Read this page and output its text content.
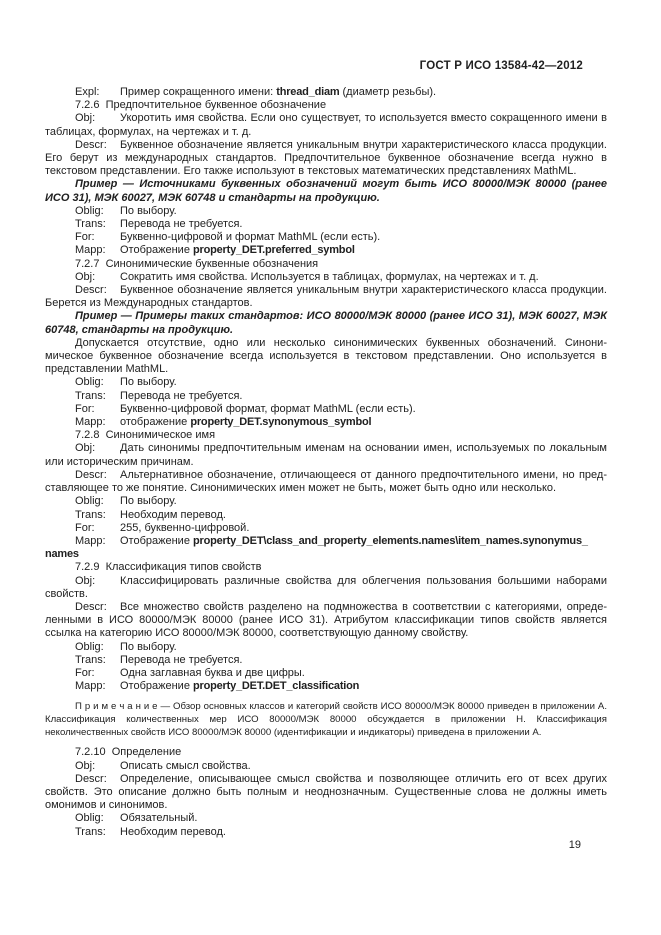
ГОСТ Р ИСО 13584-42—2012

Expl: Пример сокращенного имени: thread_diam (диаметр резьбы).

7.2.6  Предпочтительное буквенное обозначение

Obj: Укоротить имя свойства. Если оно существует, то используется вместо сокращенного имени в таблицах, формулах, на чертежах и т. д.

Descr: Буквенное обозначение является уникальным внутри характеристического класса продукции. Его берут из международных стандартов. Предпочтительное буквенное обозначение всегда нужно в текстовом представлении. Его также используют в текстовых математических представлениях MathML.

Пример — Источниками буквенных обозначений могут быть ИСО 80000/МЭК 80000 (ранее ИСО 31), МЭК 60027, МЭК 60748 и стандарты на продукцию.

Oblig: По выбору.

Trans: Перевода не требуется.

For: Буквенно-цифровой и формат MathML (если есть).

Mapp: Отображение property_DET.preferred_symbol

7.2.7  Синонимические буквенные обозначения

Obj: Сократить имя свойства. Используется в таблицах, формулах, на чертежах и т. д.

Descr: Буквенное обозначение является уникальным внутри характеристического класса продукции. Берется из Международных стандартов.

Пример — Примеры таких стандартов: ИСО 80000/МЭК 80000 (ранее ИСО 31), МЭК 60027, МЭК 60748, стандарты на продукцию.

Допускается отсутствие, одно или несколько синонимических буквенных обозначений. Синонимическое буквенное обозначение всегда используется в текстовом представлении. Оно используется в представлении MathML.

Oblig: По выбору.

Trans: Перевода не требуется.

For: Буквенно-цифровой формат, формат MathML (если есть).

Mapp: отображение property_DET.synonymous_symbol

7.2.8  Синонимическое имя

Obj: Дать синонимы предпочтительным именам на основании имен, используемых по локальным или историческим причинам.

Descr: Альтернативное обозначение, отличающееся от данного предпочтительного имени, но представляющее то же понятие. Синонимических имен может не быть, может быть одно или несколько.

Oblig: По выбору.

Trans: Необходим перевод.

For: 255, буквенно-цифровой.

Mapp: Отображение property_DET\class_and_property_elements.names\item_names.synonymus_
names

7.2.9  Классификация типов свойств

Obj: Классифицировать различные свойства для облегчения пользования большими наборами свойств.

Descr: Все множество свойств разделено на подмножества в соответствии с категориями, определенными в ИСО 80000/МЭК 80000 (ранее ИСО 31). Атрибутом классификации типов свойств является ссылка на категорию ИСО 80000/МЭК 80000, соответствующую данному свойству.

Oblig: По выбору.

Trans: Перевода не требуется.

For: Одна заглавная буква и две цифры.

Mapp: Отображение property_DET.DET_classification

П р и м е ч а н и е — Обзор основных классов и категорий свойств ИСО 80000/МЭК 80000 приведен в приложении А. Классификация количественных мер ИСО 80000/МЭК 80000 обсуждается в приложении Н. Классификация неколичественных свойств ИСО 80000/МЭК 80000 (идентификации и индикаторы) приведена в приложении А.

7.2.10  Определение

Obj: Описать смысл свойства.

Descr: Определение, описывающее смысл свойства и позволяющее отличить его от всех других свойств. Это описание должно быть полным и неоднозначным. Существенные слова не должны иметь омонимов и синонимов.

Oblig: Обязательный.

Trans: Необходим перевод.

19
